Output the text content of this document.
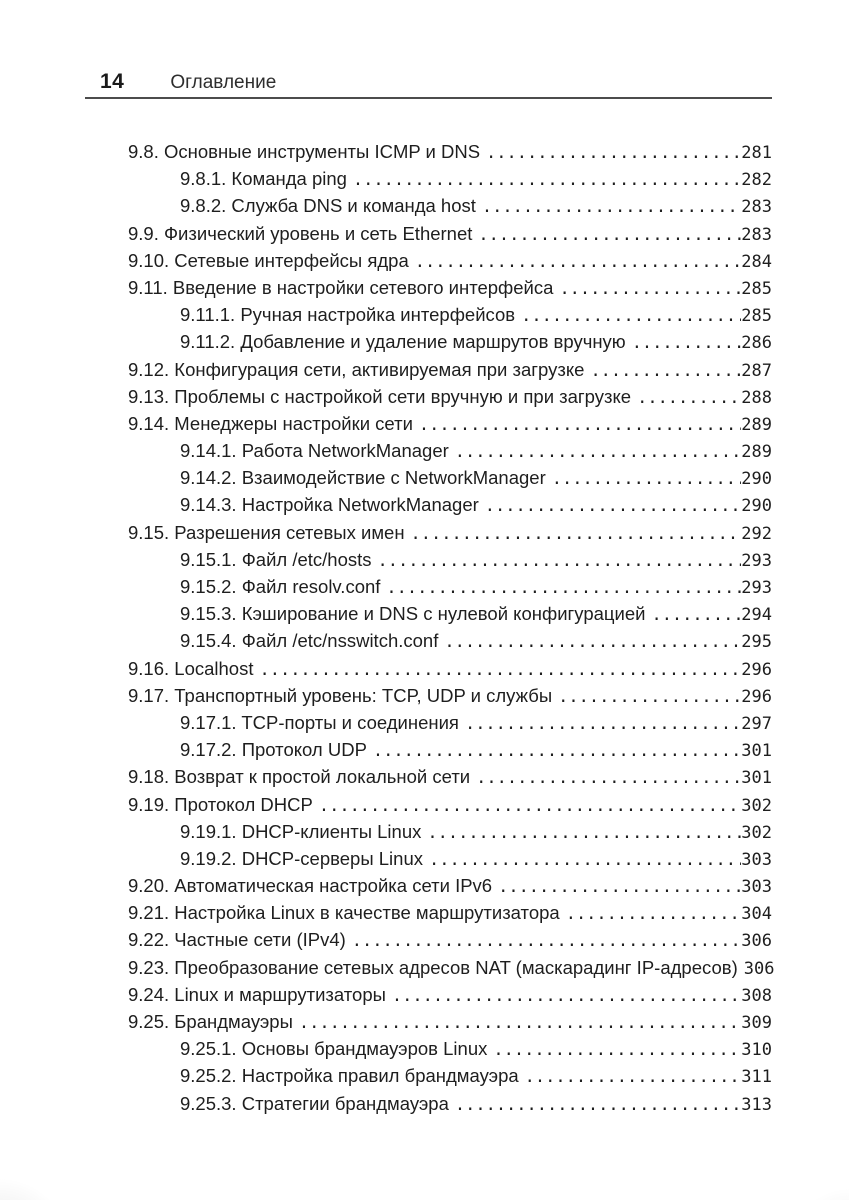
14 Оглавление
9.8. Основные инструменты ICMP и DNS .....	281
9.8.1. Команда ping .....	282
9.8.2. Служба DNS и команда host .....	283
9.9. Физический уровень и сеть Ethernet .....	283
9.10. Сетевые интерфейсы ядра .....	284
9.11. Введение в настройки сетевого интерфейса .....	285
9.11.1. Ручная настройка интерфейсов .....	285
9.11.2. Добавление и удаление маршрутов вручную .....	286
9.12. Конфигурация сети, активируемая при загрузке .....	287
9.13. Проблемы с настройкой сети вручную и при загрузке .....	288
9.14. Менеджеры настройки сети .....	289
9.14.1. Работа NetworkManager .....	289
9.14.2. Взаимодействие с NetworkManager .....	290
9.14.3. Настройка NetworkManager .....	290
9.15. Разрешения сетевых имен .....	292
9.15.1. Файл /etc/hosts .....	293
9.15.2. Файл resolv.conf .....	293
9.15.3. Кэширование и DNS с нулевой конфигурацией .....	294
9.15.4. Файл /etc/nsswitch.conf .....	295
9.16. Localhost .....	296
9.17. Транспортный уровень: TCP, UDP и службы .....	296
9.17.1. TCP-порты и соединения .....	297
9.17.2. Протокол UDP .....	301
9.18. Возврат к простой локальной сети .....	301
9.19. Протокол DHCP .....	302
9.19.1. DHCP-клиенты Linux .....	302
9.19.2. DHCP-серверы Linux .....	303
9.20. Автоматическая настройка сети IPv6 .....	303
9.21. Настройка Linux в качестве маршрутизатора .....	304
9.22. Частные сети (IPv4) .....	306
9.23. Преобразование сетевых адресов NAT (маскарадинг IP-адресов) 306
9.24. Linux и маршрутизаторы .....	308
9.25. Брандмауэры .....	309
9.25.1. Основы брандмауэров Linux .....	310
9.25.2. Настройка правил брандмауэра .....	311
9.25.3. Стратегии брандмауэра .....	313
